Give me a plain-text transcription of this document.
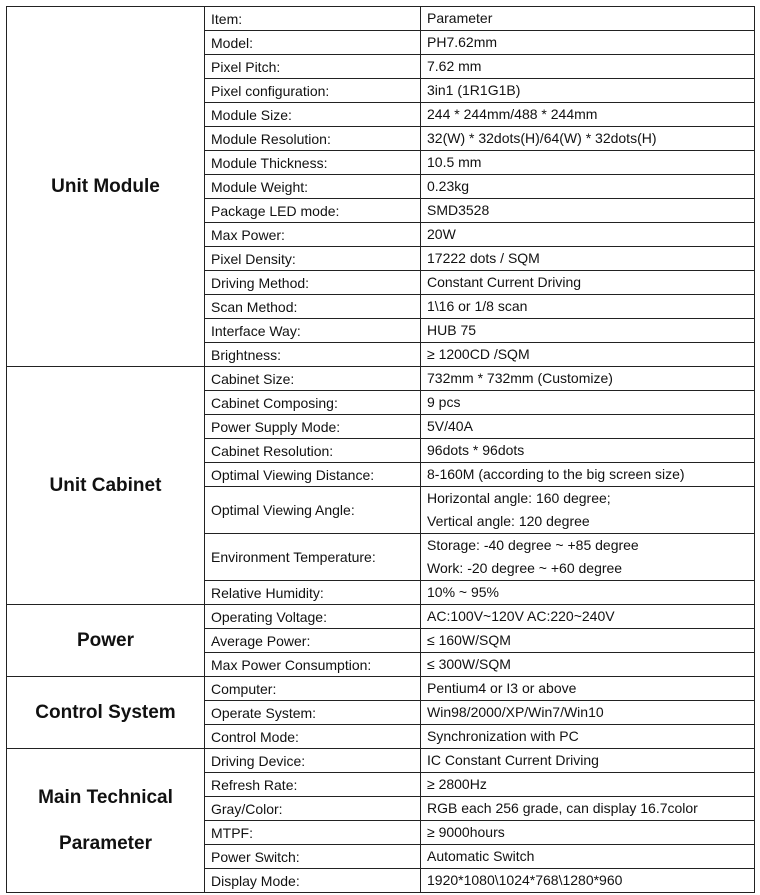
Unit Module	Item:	Parameter

	Model:	PH7.62mm

	Pixel Pitch:	7.62 mm

	Pixel configuration:	3in1 (1R1G1B)

	Module Size:	244 * 244mm/488 * 244mm

	Module Resolution:	32(W) * 32dots(H)/64(W) * 32dots(H)

	Module Thickness:	10.5 mm

	Module Weight:	0.23kg

	Package LED mode:	SMD3528

	Max Power:	20W

	Pixel Density:	17222 dots / SQM

	Driving Method:	Constant Current Driving

	Scan Method:	1\16 or 1/8 scan

	Interface Way:	HUB 75

	Brightness:	≥ 1200CD /SQM

Unit Cabinet	Cabinet Size:	732mm * 732mm (Customize)

	Cabinet Composing:	9 pcs

	Power Supply Mode:	5V/40A

	Cabinet Resolution:	96dots * 96dots

	Optimal Viewing Distance:	8-160M (according to the big screen size)

	Optimal Viewing Angle:	Horizontal angle: 160 degree;
Vertical angle: 120 degree

	Environment Temperature:	Storage: -40 degree ~ +85 degree
Work: -20 degree ~ +60 degree

	Relative Humidity:	10% ~ 95%

Power	Operating Voltage:	AC:100V~120V AC:220~240V

	Average Power:	≤ 160W/SQM

	Max Power Consumption:	≤ 300W/SQM

Control System	Computer:	Pentium4 or I3 or above

	Operate System:	Win98/2000/XP/Win7/Win10

	Control Mode:	Synchronization with PC

Main Technical
Parameter	Driving Device:	IC Constant Current Driving

	Refresh Rate:	≥ 2800Hz

	Gray/Color:	RGB each 256 grade, can display 16.7color

	MTPF:	≥ 9000hours

	Power Switch:	Automatic Switch

	Display Mode:	1920*1080\1024*768\1280*960
